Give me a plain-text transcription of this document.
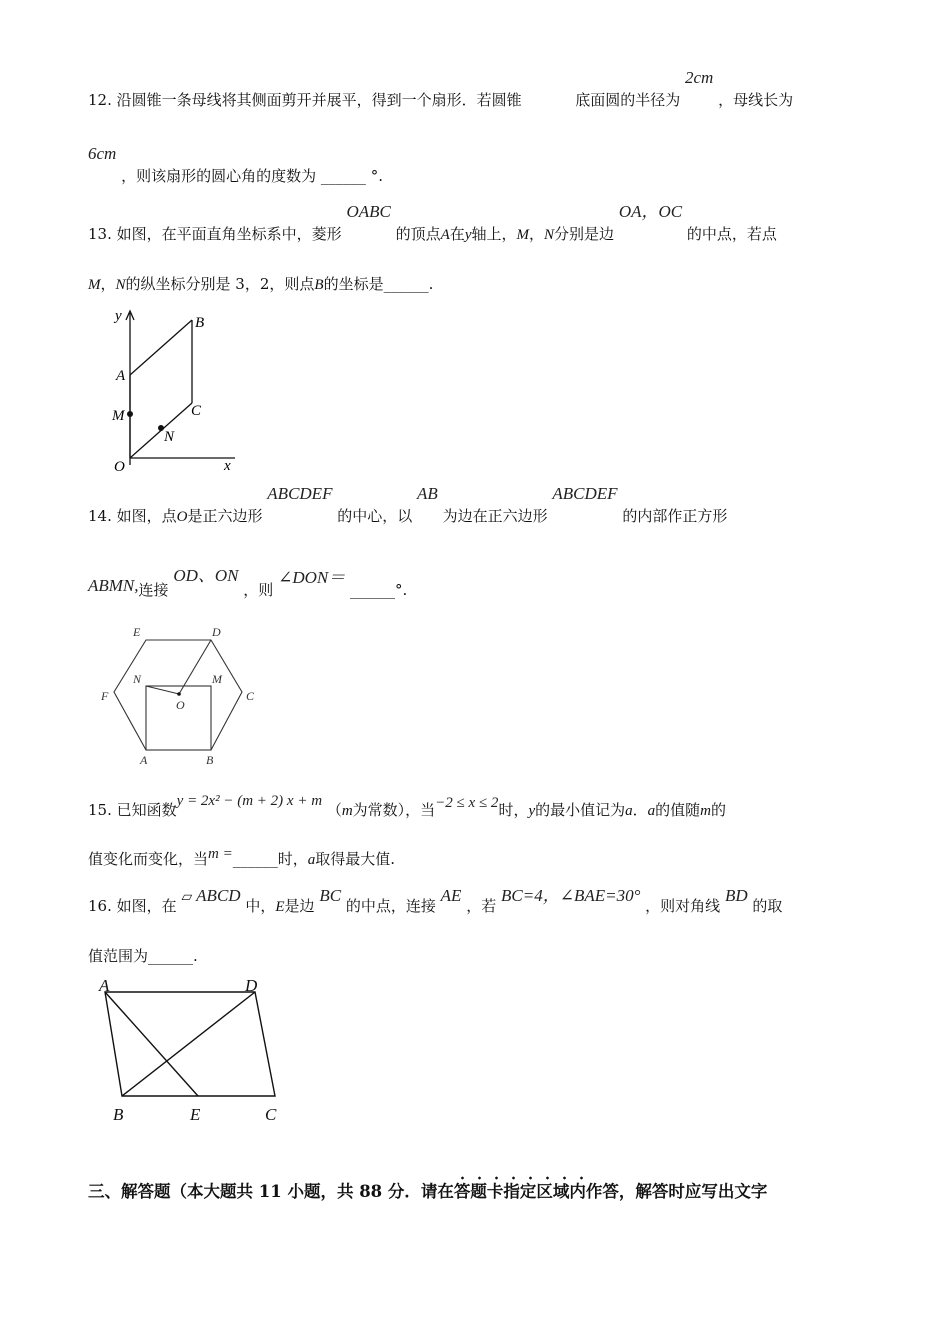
12. 沿圆锥一条母线将其侧面剪开并展平，得到一个扇形．若圆锥	底面圆的半径为 2cm ，母线长为
6cm ，则该扇形的圆心角的度数为 ______ °.
13. 如图，在平面直角坐标系中，菱形 OABC 的顶点A在y轴上，M，N分别是边 OA，OC 的中点，若点
M，N的纵坐标分别是 3，2，则点B的坐标是______.
y
x
O
A
B
C
M
N
14. 如图，点O是正六边形 ABCDEF 的中心，以 AB 为边在正六边形 ABCDEF 的内部作正方形
ABMN,连接 OD、ON ，则 ∠DON＝ ______°.
A	B
C
D
E
F
M
N
O
15. 已知函数y = 2x² − (m + 2) x + m （m为常数），当−2 ≤ x ≤ 2时，y的最小值记为a．a的值随m的
值变化而变化，当m =______时，a取得最大值.
16. 如图，在 ▱ ABCD 中，E是边 BC 的中点，连接 AE ，若 BC=4，∠BAE=30° ，则对角线 BD 的取
值范围为______.
A	D
B	E	C
三、解答题（本大题共 11 小题，共 88 分．请在答题卡指定区域内作答，解答时应写出文字
